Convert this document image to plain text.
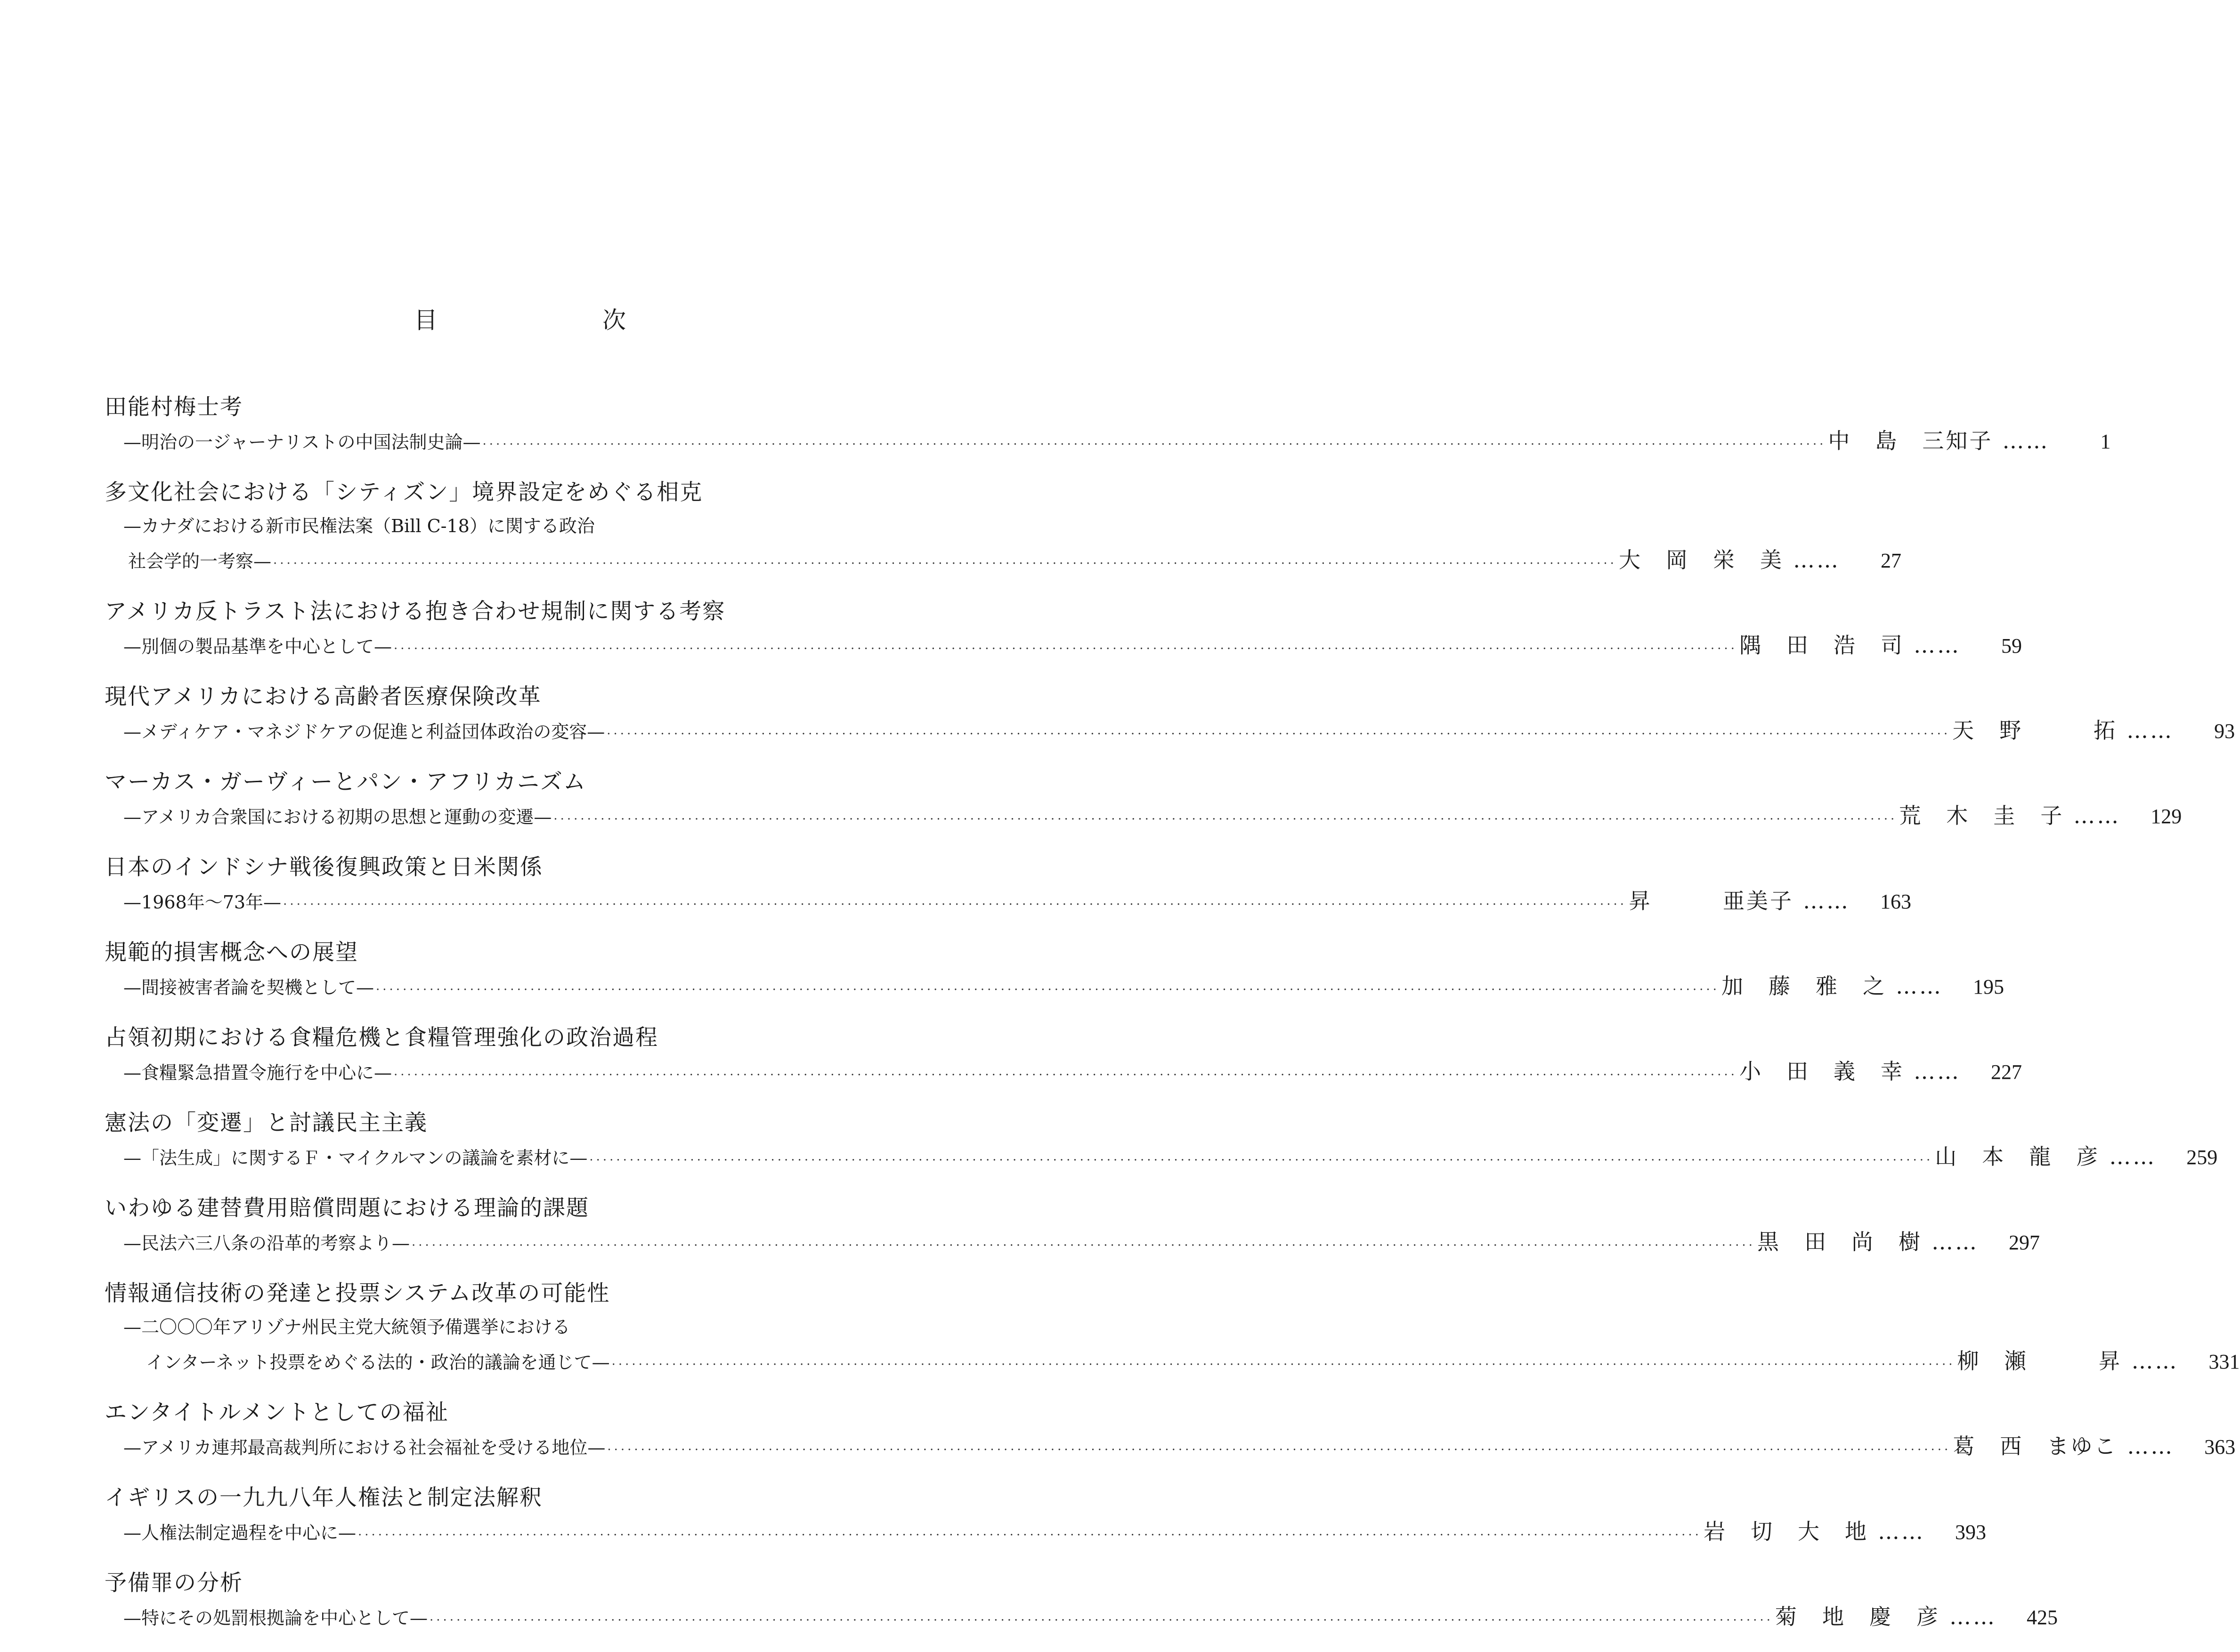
目　次
田能村梅士考
—明治の一ジャーナリストの中国法制史論— ········································································································································································································ 中　島　三知子 ……	1
多文化社会における「シティズン」境界設定をめぐる相克
—カナダにおける新市民権法案（Bill C-18）に関する政治
社会学的一考察— ········································································································································································································ 大　岡　栄　美 ……	27
アメリカ反トラスト法における抱き合わせ規制に関する考察
—別個の製品基準を中心として— ········································································································································································································ 隅　田　浩　司 ……	59
現代アメリカにおける高齢者医療保険改革
—メディケア・マネジドケアの促進と利益団体政治の変容— ········································································································································································································ 天　野　　　拓 ……	93
マーカス・ガーヴィーとパン・アフリカニズム
—アメリカ合衆国における初期の思想と運動の変遷— ········································································································································································································ 荒　木　圭　子 ……	129
日本のインドシナ戦後復興政策と日米関係
—1968年～73年— ········································································································································································································ 昇　　　亜美子 ……	163
規範的損害概念への展望
—間接被害者論を契機として— ········································································································································································································ 加　藤　雅　之 ……	195
占領初期における食糧危機と食糧管理強化の政治過程
—食糧緊急措置令施行を中心に— ········································································································································································································ 小　田　義　幸 ……	227
憲法の「変遷」と討議民主主義
—「法生成」に関するＦ・マイクルマンの議論を素材に— ········································································································································································································ 山　本　龍　彦 ……	259
いわゆる建替費用賠償問題における理論的課題
—民法六三八条の沿革的考察より— ········································································································································································································ 黒　田　尚　樹 ……	297
情報通信技術の発達と投票システム改革の可能性
—二〇〇〇年アリゾナ州民主党大統領予備選挙における
インターネット投票をめぐる法的・政治的議論を通じて— ········································································································································································································ 柳　瀬　　　昇 ……	331
エンタイトルメントとしての福祉
—アメリカ連邦最高裁判所における社会福祉を受ける地位— ········································································································································································································ 葛　西　まゆこ ……	363
イギリスの一九九八年人権法と制定法解釈
—人権法制定過程を中心に— ········································································································································································································ 岩　切　大　地 ……	393
予備罪の分析
—特にその処罰根拠論を中心として— ········································································································································································································ 菊　地　慶　彦 ……	425
